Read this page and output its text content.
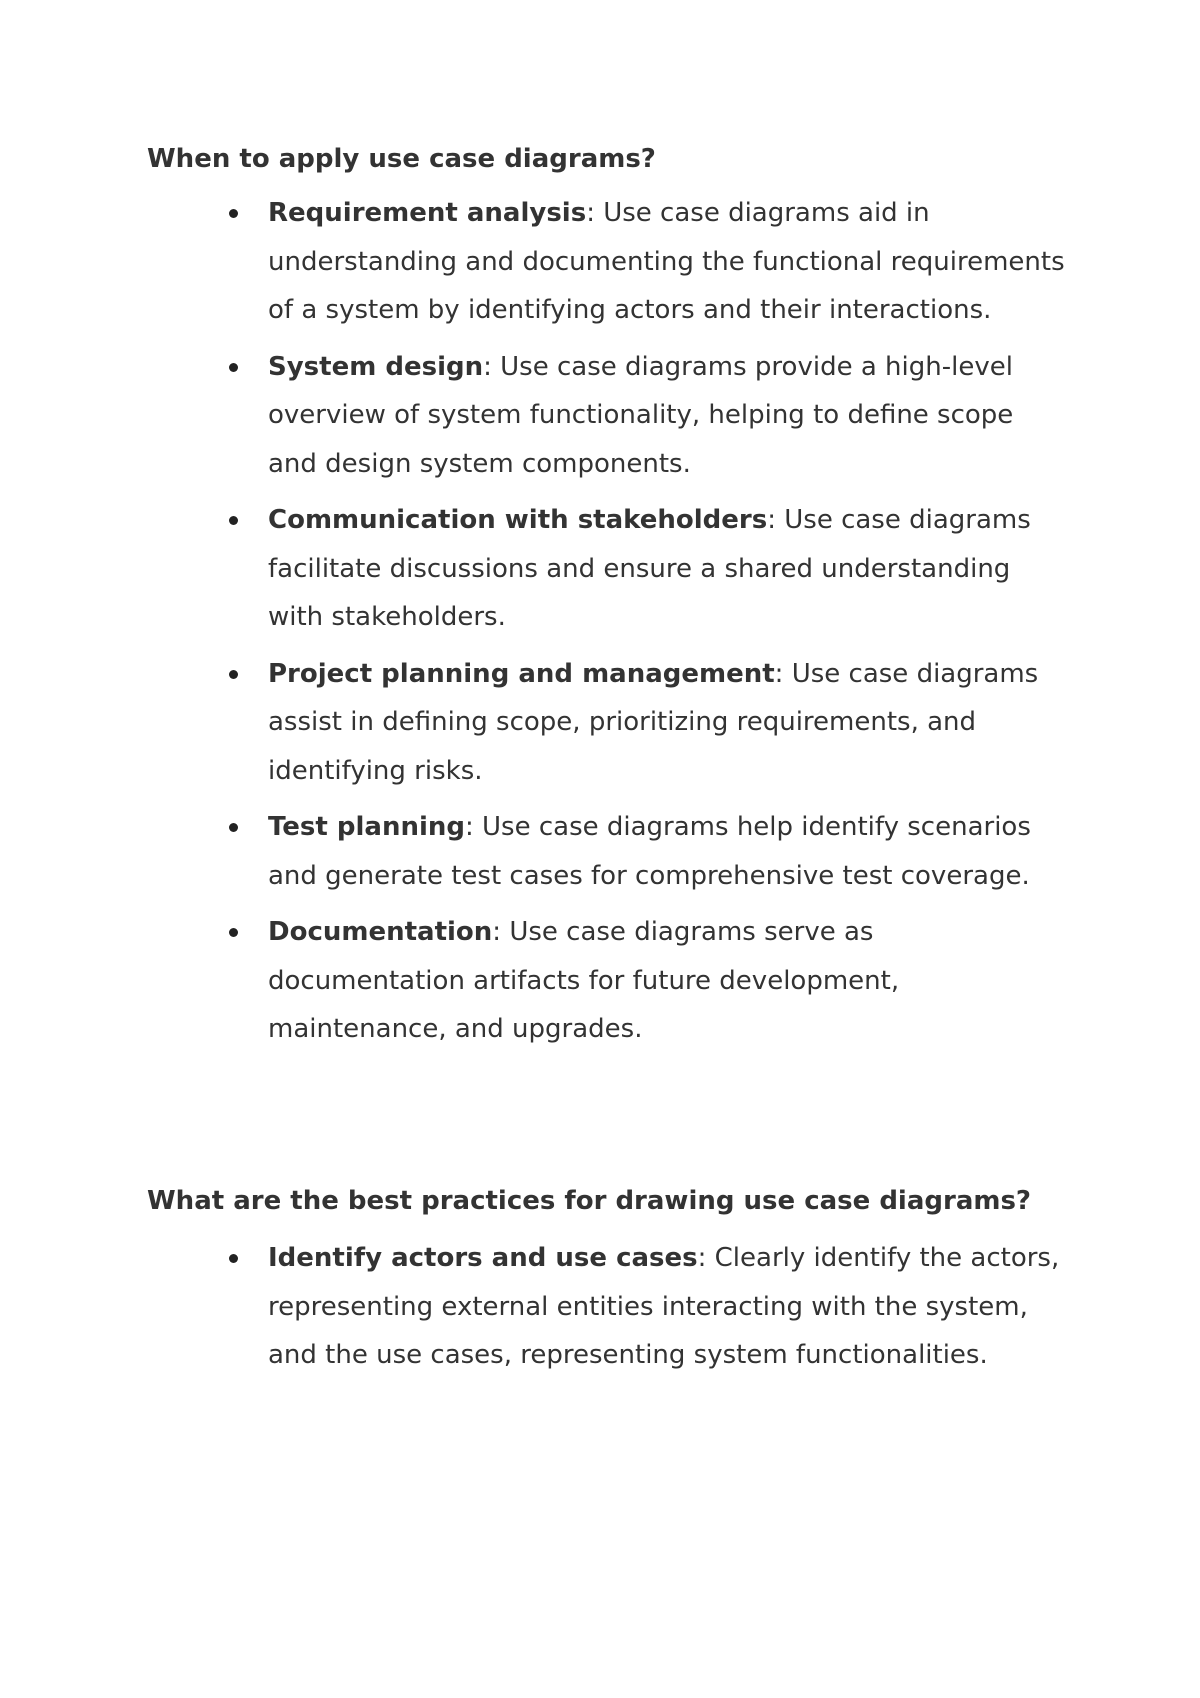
When to apply use case diagrams?
Requirement analysis: Use case diagrams aid in understanding and documenting the functional requirements of a system by identifying actors and their interactions.
System design: Use case diagrams provide a high-level overview of system functionality, helping to define scope and design system components.
Communication with stakeholders: Use case diagrams facilitate discussions and ensure a shared understanding with stakeholders.
Project planning and management: Use case diagrams assist in defining scope, prioritizing requirements, and identifying risks.
Test planning: Use case diagrams help identify scenarios and generate test cases for comprehensive test coverage.
Documentation: Use case diagrams serve as documentation artifacts for future development, maintenance, and upgrades.
What are the best practices for drawing use case diagrams?
Identify actors and use cases: Clearly identify the actors, representing external entities interacting with the system, and the use cases, representing system functionalities.
